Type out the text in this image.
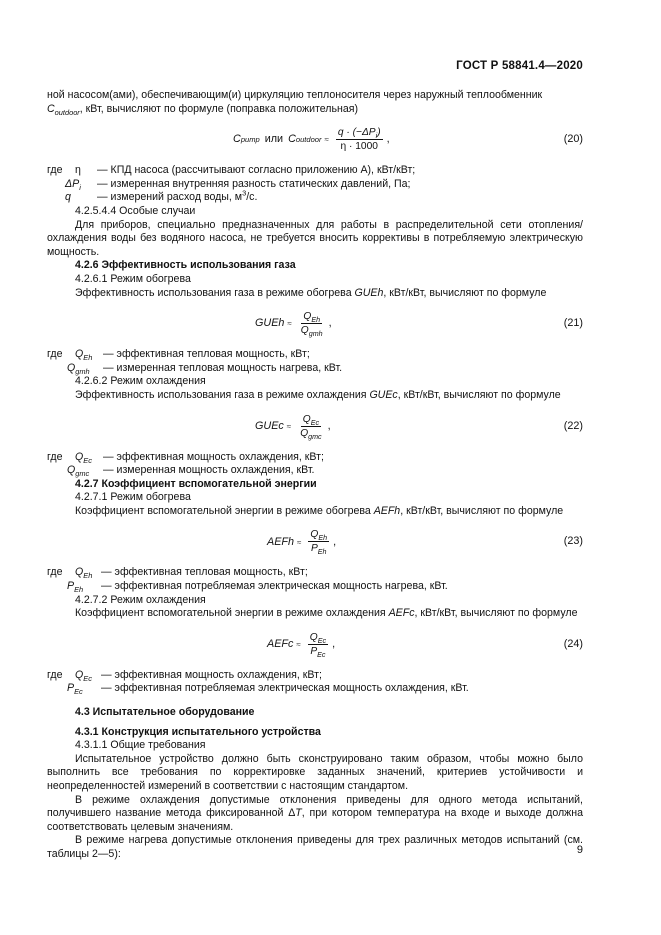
ГОСТ Р 58841.4—2020

ной насосом(ами), обеспечивающим(и) циркуляцию теплоносителя через наружный теплообменник
$C_{outdoor}$, кВт, вычисляют по формуле (поправка положительная)

C pump или C outdoor ≈ $\frac{q \cdot (-\Delta P_i)}{\eta \cdot 1000}$ ,	(20)
где	η	— КПД насоса (рассчитывают согласно приложению А), кВт/кВт;
$\Delta P_i$	— измеренная внутренняя разность статических давлений, Па;
q	— измерений расход воды, $м^3/с$.

4.2.5.4.4 Особые случаи

Для приборов, специально предназначенных для работы в распределительной сети отопления/охлаждения воды без водяного насоса, не требуется вносить коррективы в потребляемую электрическую мощность.

4.2.6 Эффективность использования газа

4.2.6.1 Режим обогрева

Эффективность использования газа в режиме обогрева GUEh, кВт/кВт, вычисляют по формуле

GUEh ≈ $\frac{Q_{Eh}}{Q_{gmh}}$ ,	(21)
где	$Q_{Eh}$	— эффективная тепловая мощность, кВт;
$Q_{gmh}$	— измеренная тепловая мощность нагрева, кВт.

4.2.6.2 Режим охлаждения

Эффективность использования газа в режиме охлаждения GUEc, кВт/кВт, вычисляют по формуле

GUEc ≈ $\frac{Q_{Ec}}{Q_{gmc}}$ ,	(22)
где	$Q_{Ec}$	— эффективная мощность охлаждения, кВт;
$Q_{gmc}$	— измеренная мощность охлаждения, кВт.

4.2.7 Коэффициент вспомогательной энергии

4.2.7.1 Режим обогрева

Коэффициент вспомогательной энергии в режиме обогрева AEFh, кВт/кВт, вычисляют по формуле

AEFh ≈ $\frac{Q_{Eh}}{P_{Eh}}$ ,	(23)
где	$Q_{Eh}$ — эффективная тепловая мощность, кВт;
$P_{Eh}$	— эффективная потребляемая электрическая мощность нагрева, кВт.

4.2.7.2 Режим охлаждения

Коэффициент вспомогательной энергии в режиме охлаждения AEFc, кВт/кВт, вычисляют по формуле

AEFc ≈ $\frac{Q_{Ec}}{P_{Ec}}$ ,	(24)
где	$Q_{Ec}$ — эффективная мощность охлаждения, кВт;
$P_{Ec}$	— эффективная потребляемая электрическая мощность охлаждения, кВт.

4.3 Испытательное оборудование

4.3.1 Конструкция испытательного устройства

4.3.1.1 Общие требования

Испытательное устройство должно быть сконструировано таким образом, чтобы можно было выполнить все требования по корректировке заданных значений, критериев устойчивости и неопределенностей измерений в соответствии с настоящим стандартом.

В режиме охлаждения допустимые отклонения приведены для одного метода испытаний, получившего название метода фиксированной ΔT, при котором температура на входе и выходе должна соответствовать целевым значениям.

В режиме нагрева допустимые отклонения приведены для трех различных методов испытаний (см. таблицы 2—5):	9
